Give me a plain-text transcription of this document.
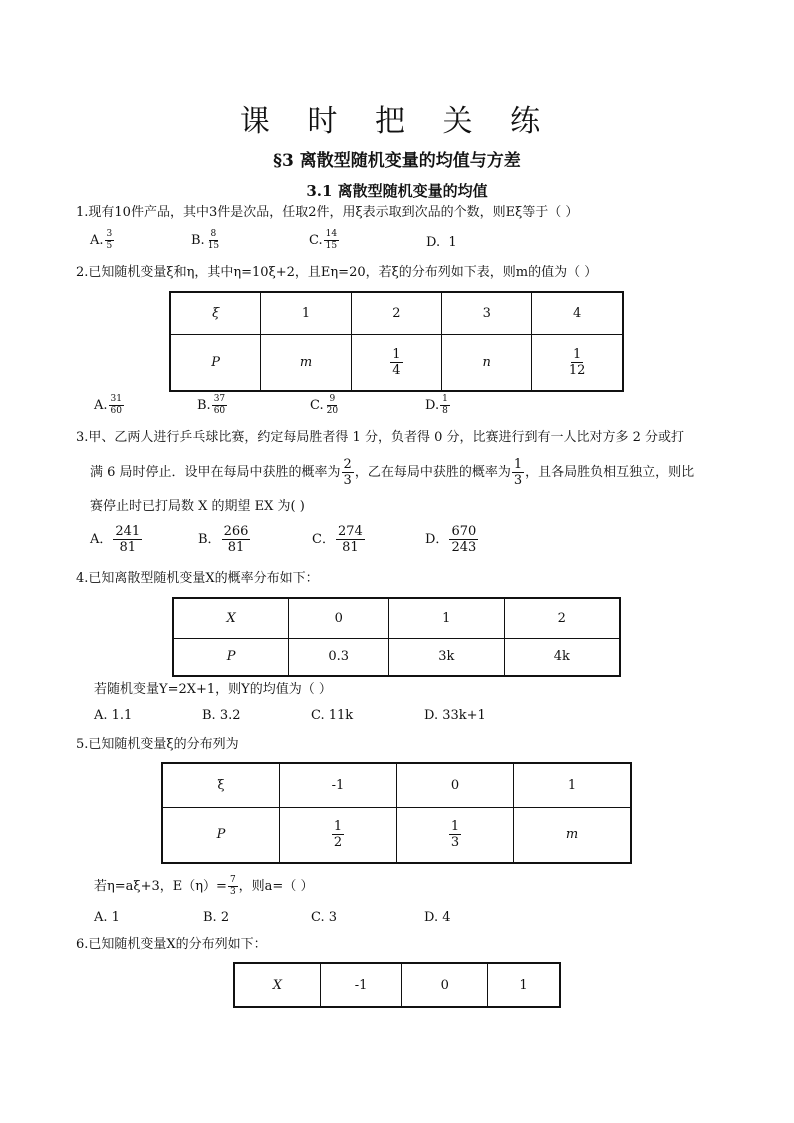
课 时 把 关 练
§3 离散型随机变量的均值与方差
3.1 离散型随机变量的均值
1.现有10件产品，其中3件是次品，任取2件，用ξ表示取到次品的个数，则Eξ等于（ ）
A. $\frac{3}{5}$	B. $\frac{8}{15}$	C. $\frac{14}{15}$	D. 1
2.已知随机变量ξ和η，其中η=10ξ+2，且Eη=20，若ξ的分布列如下表，则m的值为（ ）
ξ	1	2	3	4
P	m	$\frac{1}{4}$	n	$\frac{1}{12}$
A. $\frac{31}{60}$	B. $\frac{37}{60}$	C. $\frac{9}{20}$	D. $\frac{1}{8}$
3.甲、乙两人进行乒乓球比赛，约定每局胜者得 1 分，负者得 0 分，比赛进行到有一人比对方多 2 分或打
满 6 局时停止．设甲在每局中获胜的概率为 $\frac{2}{3}$ ，乙在每局中获胜的概率为 $\frac{1}{3}$ ，且各局胜负相互独立，则比
赛停止时已打局数 X 的期望 EX 为( )
A． $\frac{241}{81}$	B． $\frac{266}{81}$	C． $\frac{274}{81}$	D． $\frac{670}{243}$
4.已知离散型随机变量X的概率分布如下：
X	0	1	2
P	0.3	3k	4k
若随机变量Y=2X+1，则Y的均值为（ ）
A. 1.1	B. 3.2	C. 11k	D. 33k+1
5.已知随机变量ξ的分布列为
ξ	-1	0	1
P	$\frac{1}{2}$	$\frac{1}{3}$	m
若η=aξ+3，$E(\eta)= \frac{7}{3}$ ，则a=（ ）
A. 1	B. 2	C. 3	D. 4
6.已知随机变量X的分布列如下：
X	-1	0	1
